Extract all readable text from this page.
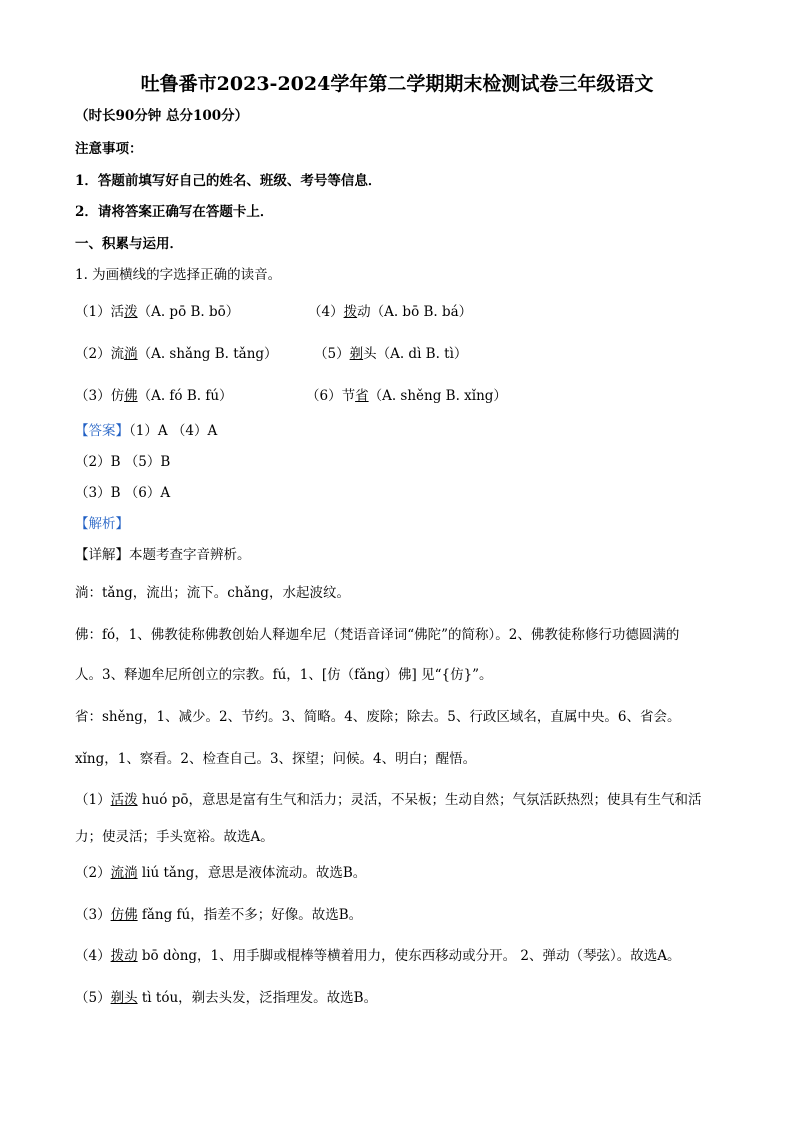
吐鲁番市2023-2024学年第二学期期末检测试卷三年级语文
（时长90分钟 总分100分）
注意事项：
1．答题前填写好自己的姓名、班级、考号等信息．
2．请将答案正确写在答题卡上．
一、积累与运用．
1. 为画横线的字选择正确的读音。
（1）活泼（A. pō B. bō）	（4）拨动（A. bō B. bá）
（2）流淌（A. shǎng B. tǎng）	（5）剃头（A. dì B. tì）
（3）仿佛（A. fó B. fú）	（6）节省（A. shěng B. xǐng）
【答案】（1）A （4）A
（2）B （5）B
（3）B （6）A
【解析】
【详解】本题考查字音辨析。
淌：tǎng，流出；流下。chǎng，水起波纹。
佛：fó，1、佛教徒称佛教创始人释迦牟尼（梵语音译词“佛陀”的简称）。2、佛教徒称修行功德圆满的
人。3、释迦牟尼所创立的宗教。fú，1、[仿（fǎng）佛] 见“{仿}”。
省：shěng，1、减少。2、节约。3、简略。4、废除；除去。5、行政区域名，直属中央。6、省会。
xǐng，1、察看。2、检查自己。3、探望；问候。4、明白；醒悟。
（1）活泼 huó pō，意思是富有生气和活力；灵活，不呆板；生动自然；气氛活跃热烈；使具有生气和活
力；使灵活；手头宽裕。故选A。
（2）流淌 liú tǎng，意思是液体流动。故选B。
（3）仿佛 fǎng fú，指差不多；好像。故选B。
（4）拨动 bō dòng，1、用手脚或棍棒等横着用力，使东西移动或分开。 2、弹动（琴弦）。故选A。
（5）剃头 tì tóu，剃去头发，泛指理发。故选B。
